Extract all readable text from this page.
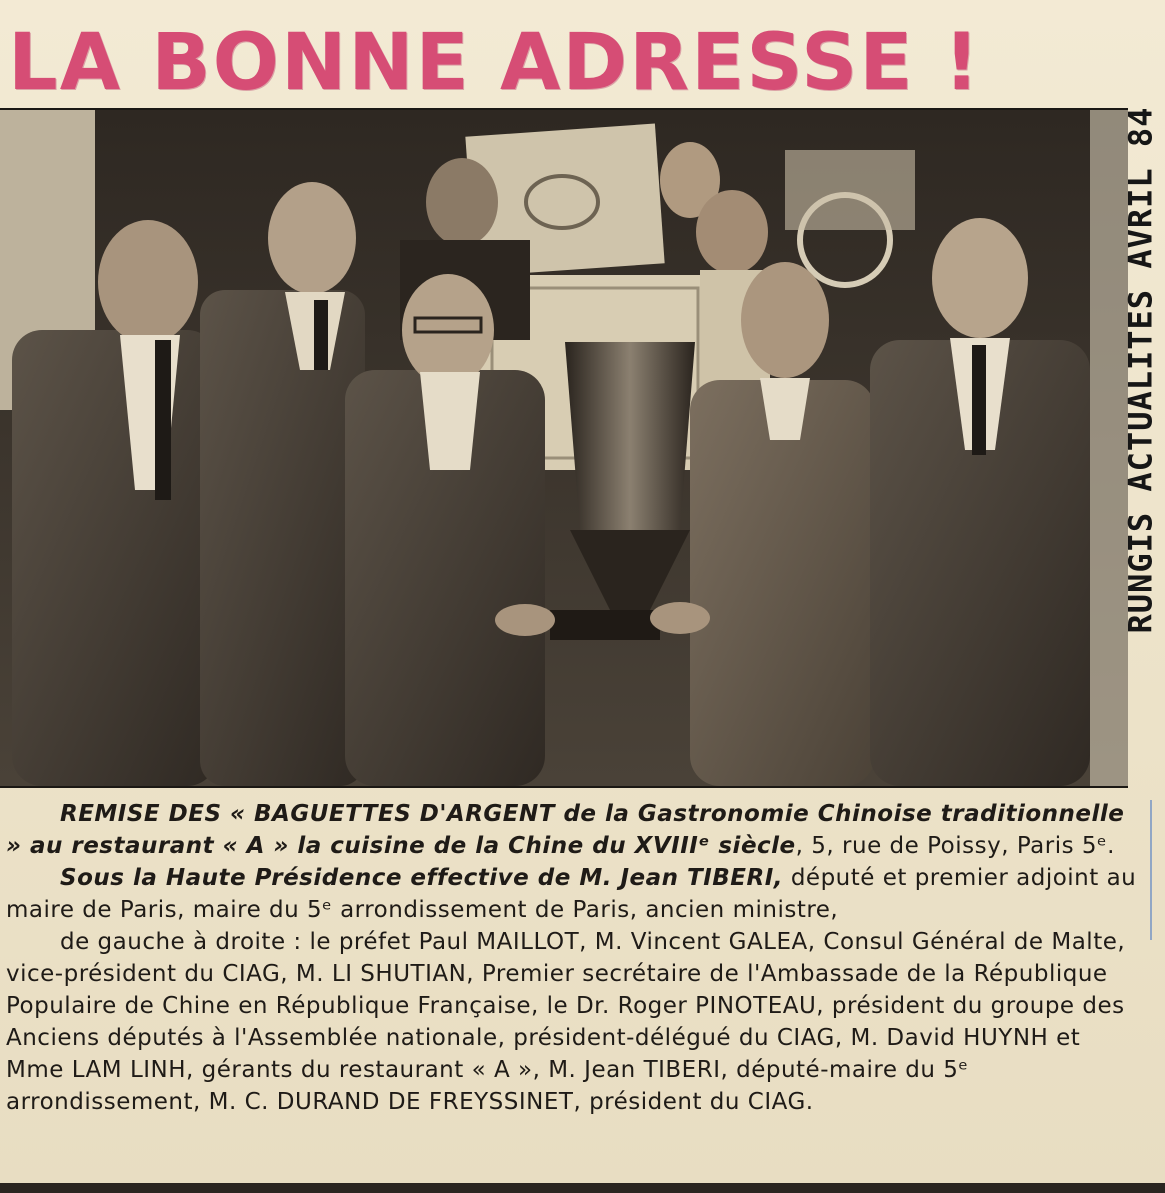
LA BONNE ADRESSE !
RUNGIS ACTUALITES AVRIL 84

REMISE DES « BAGUETTES D'ARGENT de la Gastronomie Chinoise traditionnelle » au restaurant « A » la cuisine de la Chine du XVIIIᵉ siècle, 5, rue de Poissy, Paris 5ᵉ.

Sous la Haute Présidence effective de M. Jean TIBERI, député et premier adjoint au maire de Paris, maire du 5ᵉ arrondissement de Paris, ancien ministre,

de gauche à droite : le préfet Paul MAILLOT, M. Vincent GALEA, Consul Général de Malte, vice-président du CIAG, M. LI SHUTIAN, Premier secrétaire de l'Ambassade de la République Populaire de Chine en République Française, le Dr. Roger PINOTEAU, président du groupe des Anciens députés à l'Assemblée nationale, président-délégué du CIAG, M. David HUYNH et Mme LAM LINH, gérants du restaurant « A », M. Jean TIBERI, député-maire du 5ᵉ arrondissement, M. C. DURAND DE FREYSSINET, président du CIAG.
